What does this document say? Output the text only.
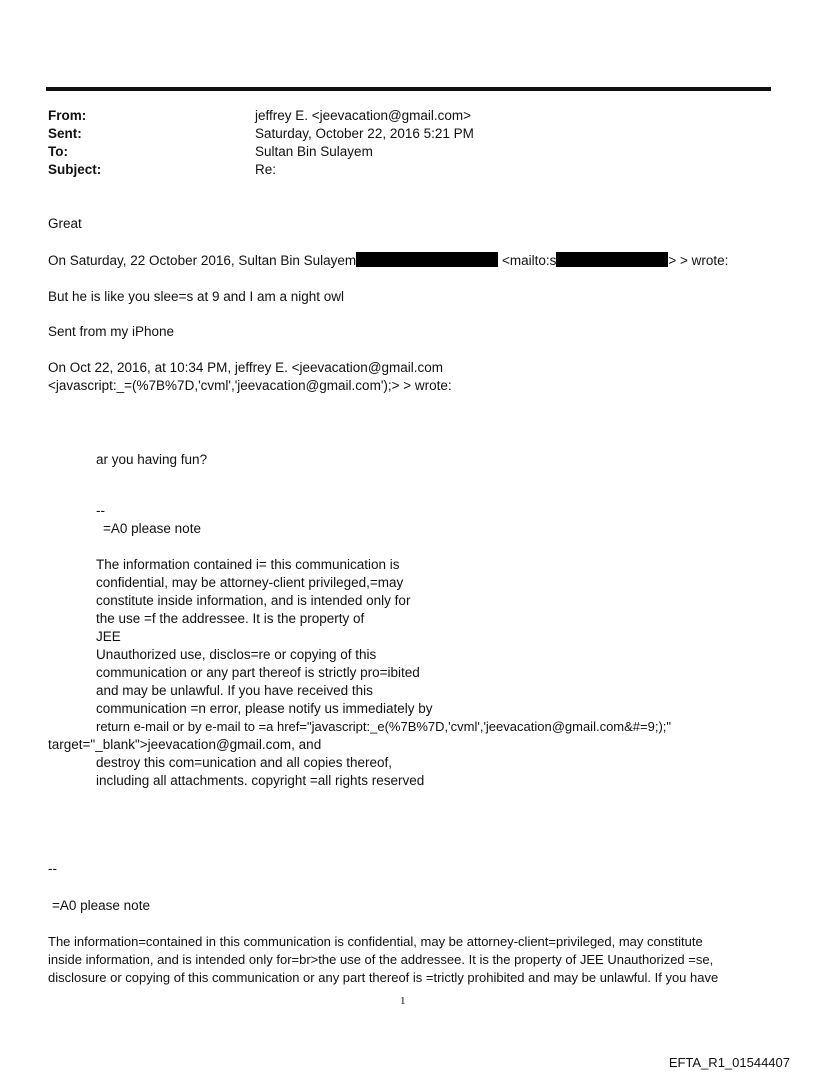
From:	jeffrey E. <jeevacation@gmail.com>
Sent:	Saturday, October 22, 2016 5:21 PM
To:	Sultan Bin Sulayem
Subject:	Re:
Great
On Saturday, 22 October 2016, Sultan Bin Sulayem	<mailto:s	> > wrote:
But he is like you slee=s at 9 and I am a night owl
Sent from my iPhone
On Oct 22, 2016, at 10:34 PM, jeffrey E. <jeevacation@gmail.com
<javascript:_=(%7B%7D,'cvml','jeevacation@gmail.com');> > wrote:
ar you having fun?
--
=A0 please note
The information contained i= this communication is
confidential, may be attorney-client privileged,=may
constitute inside information, and is intended only for
the use =f the addressee. It is the property of
JEE
Unauthorized use, disclos=re or copying of this
communication or any part thereof is strictly pro=ibited
and may be unlawful. If you have received this
communication =n error, please notify us immediately by
return e-mail or by e-mail to =a href="javascript:_e(%7B%7D,'cvml','jeevacation@gmail.com&#=9;);"
target="_blank">jeevacation@gmail.com, and
destroy this com=unication and all copies thereof,
including all attachments. copyright =all rights reserved
--
=A0 please note
The information=contained in this communication is confidential, may be attorney-client=privileged, may constitute
inside information, and is intended only for=br>the use of the addressee. It is the property of JEE Unauthorized =se,
disclosure or copying of this communication or any part thereof is =trictly prohibited and may be unlawful. If you have
1
EFTA_R1_01544407
